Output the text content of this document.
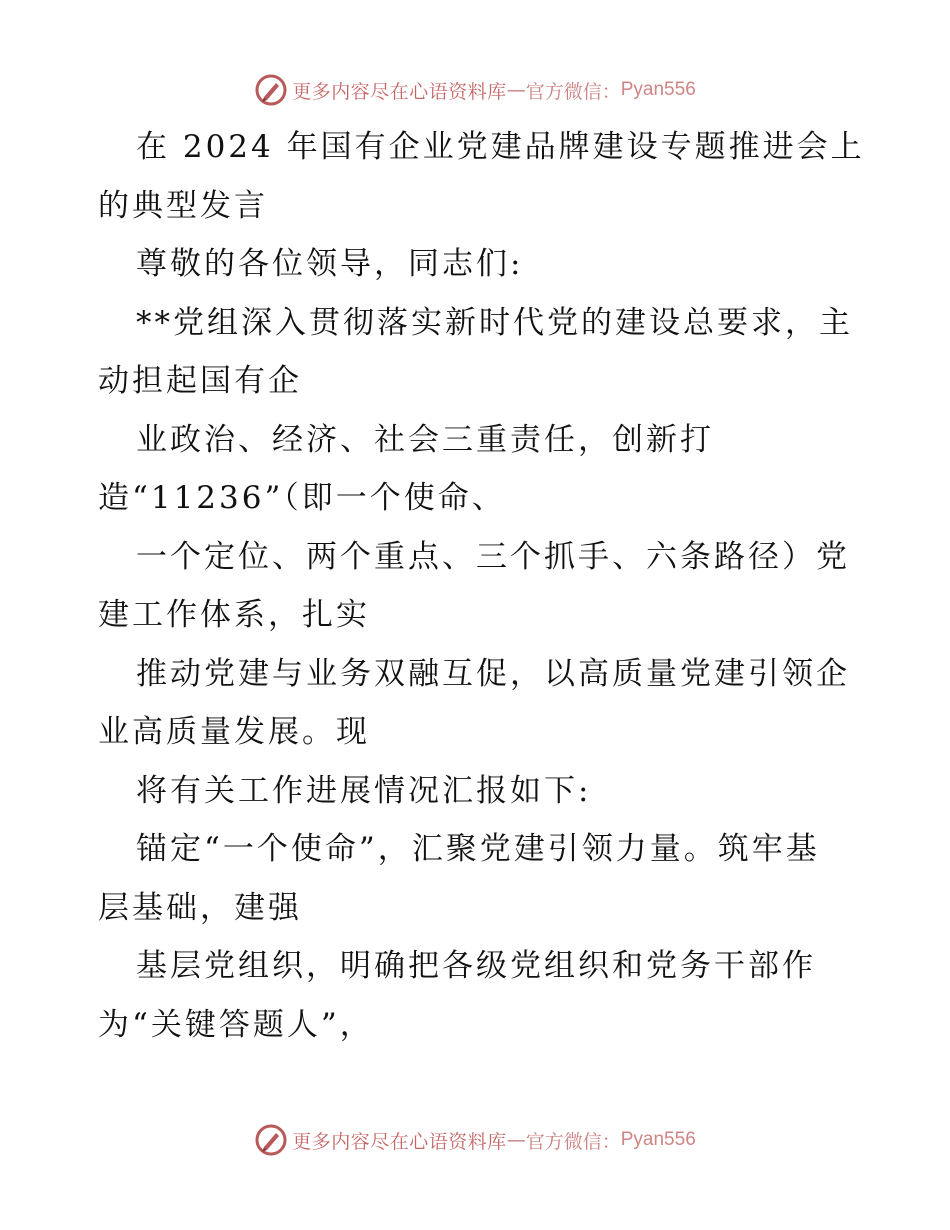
更多内容尽在心语资料库 — 官方微信： Pyan556
在 2024 年国有企业党建品牌建设专题推进会上
的典型发言
尊敬的各位领导，同志们:
**党组深入贯彻落实新时代党的建设总要求，主
动担起国有企
业政治、经济、社会三重责任，创新打
造“11236”（即一个使命、
一个定位、两个重点、三个抓手、六条路径）党
建工作体系，扎实
推动党建与业务双融互促，以高质量党建引领企
业高质量发展。现
将有关工作进展情况汇报如下:
锚定“一个使命”，汇聚党建引领力量。筑牢基
层基础，建强
基层党组织，明确把各级党组织和党务干部作
为“关键答题人”，
更多内容尽在心语资料库 — 官方微信： Pyan556
